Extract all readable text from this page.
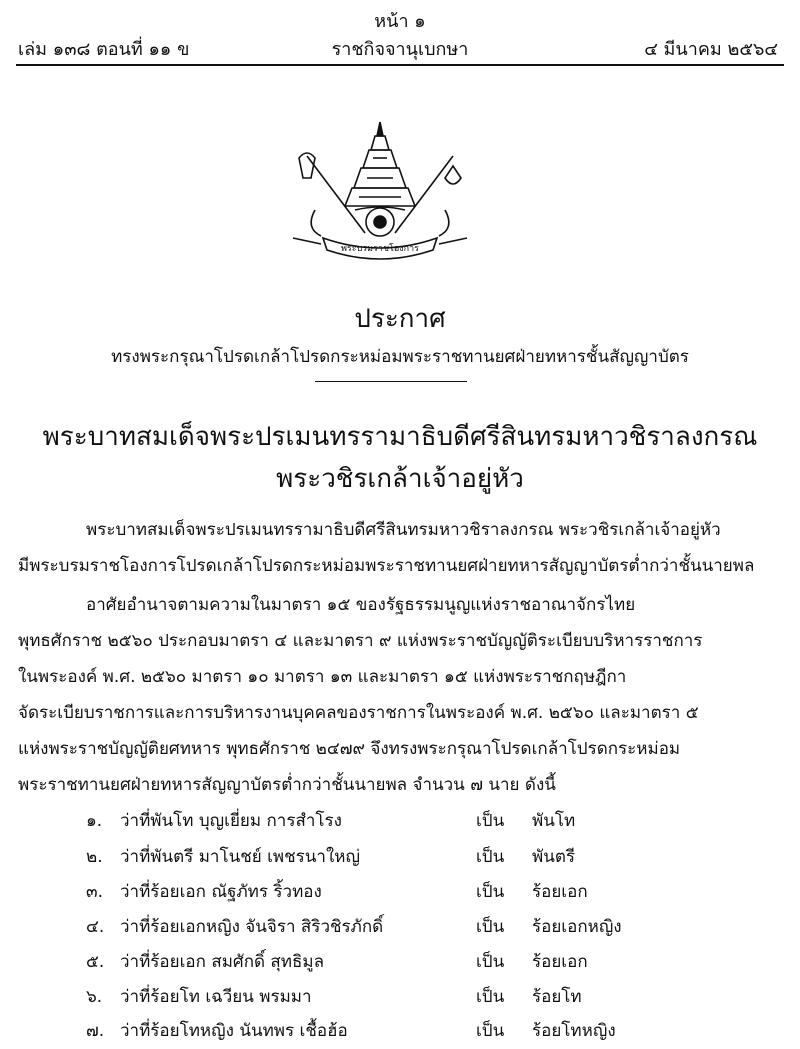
หน้า ๑
เล่ม ๑๓๘ ตอนที่ ๑๑ ข	ราชกิจจานุเบกษา	๔ มีนาคม ๒๕๖๔
พระบรมราชโองการ
ประกาศ
ทรงพระกรุณาโปรดเกล้าโปรดกระหม่อมพระราชทานยศฝ่ายทหารชั้นสัญญาบัตร
พระบาทสมเด็จพระปรเมนทรรามาธิบดีศรีสินทรมหาวชิราลงกรณ
พระวชิรเกล้าเจ้าอยู่หัว
พระบาทสมเด็จพระปรเมนทรรามาธิบดีศรีสินทรมหาวชิราลงกรณ พระวชิรเกล้าเจ้าอยู่หัว
มีพระบรมราชโองการโปรดเกล้าโปรดกระหม่อมพระราชทานยศฝ่ายทหารสัญญาบัตรต่ำกว่าชั้นนายพล
อาศัยอำนาจตามความในมาตรา ๑๕ ของรัฐธรรมนูญแห่งราชอาณาจักรไทย
พุทธศักราช ๒๕๖๐ ประกอบมาตรา ๔ และมาตรา ๙ แห่งพระราชบัญญัติระเบียบบริหารราชการ
ในพระองค์ พ.ศ. ๒๕๖๐ มาตรา ๑๐ มาตรา ๑๓ และมาตรา ๑๕ แห่งพระราชกฤษฎีกา
จัดระเบียบราชการและการบริหารงานบุคคลของราชการในพระองค์ พ.ศ. ๒๕๖๐ และมาตรา ๕
แห่งพระราชบัญญัติยศทหาร พุทธศักราช ๒๔๗๙ จึงทรงพระกรุณาโปรดเกล้าโปรดกระหม่อม
พระราชทานยศฝ่ายทหารสัญญาบัตรต่ำกว่าชั้นนายพล จำนวน ๗ นาย ดังนี้
๑. ว่าที่พันโท บุญเยี่ยม การสำโรง	เป็น พันโท
๒. ว่าที่พันตรี มาโนชย์ เพชรนาใหญ่	เป็น พันตรี
๓. ว่าที่ร้อยเอก ณัฐภัทร ริ้วทอง	เป็น ร้อยเอก
๔. ว่าที่ร้อยเอกหญิง จันจิรา สิริวชิรภักดิ์	เป็น ร้อยเอกหญิง
๕. ว่าที่ร้อยเอก สมศักดิ์ สุทธิมูล	เป็น ร้อยเอก
๖. ว่าที่ร้อยโท เฉวียน พรมมา	เป็น ร้อยโท
๗. ว่าที่ร้อยโทหญิง นันทพร เชื้อฮ้อ	เป็น ร้อยโทหญิง
